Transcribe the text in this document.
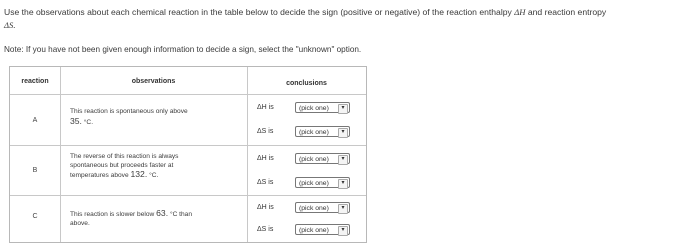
Use the observations about each chemical reaction in the table below to decide the sign (positive or negative) of the reaction enthalpy ΔH and reaction entropy
ΔS.
Note: If you have not been given enough information to decide a sign, select the "unknown" option.
reaction	observations	conclusions
A
This reaction is spontaneous only above
35. °C.
ΔH is	(pick one)	▾
ΔS is	(pick one)	▾
B
The reverse of this reaction is always
spontaneous but proceeds faster at
temperatures above 132. °C.
ΔH is	(pick one)	▾
ΔS is	(pick one)	▾
C	This reaction is slower below 63. °C than
above.
ΔH is	(pick one)	▾
ΔS is	(pick one)	▾
